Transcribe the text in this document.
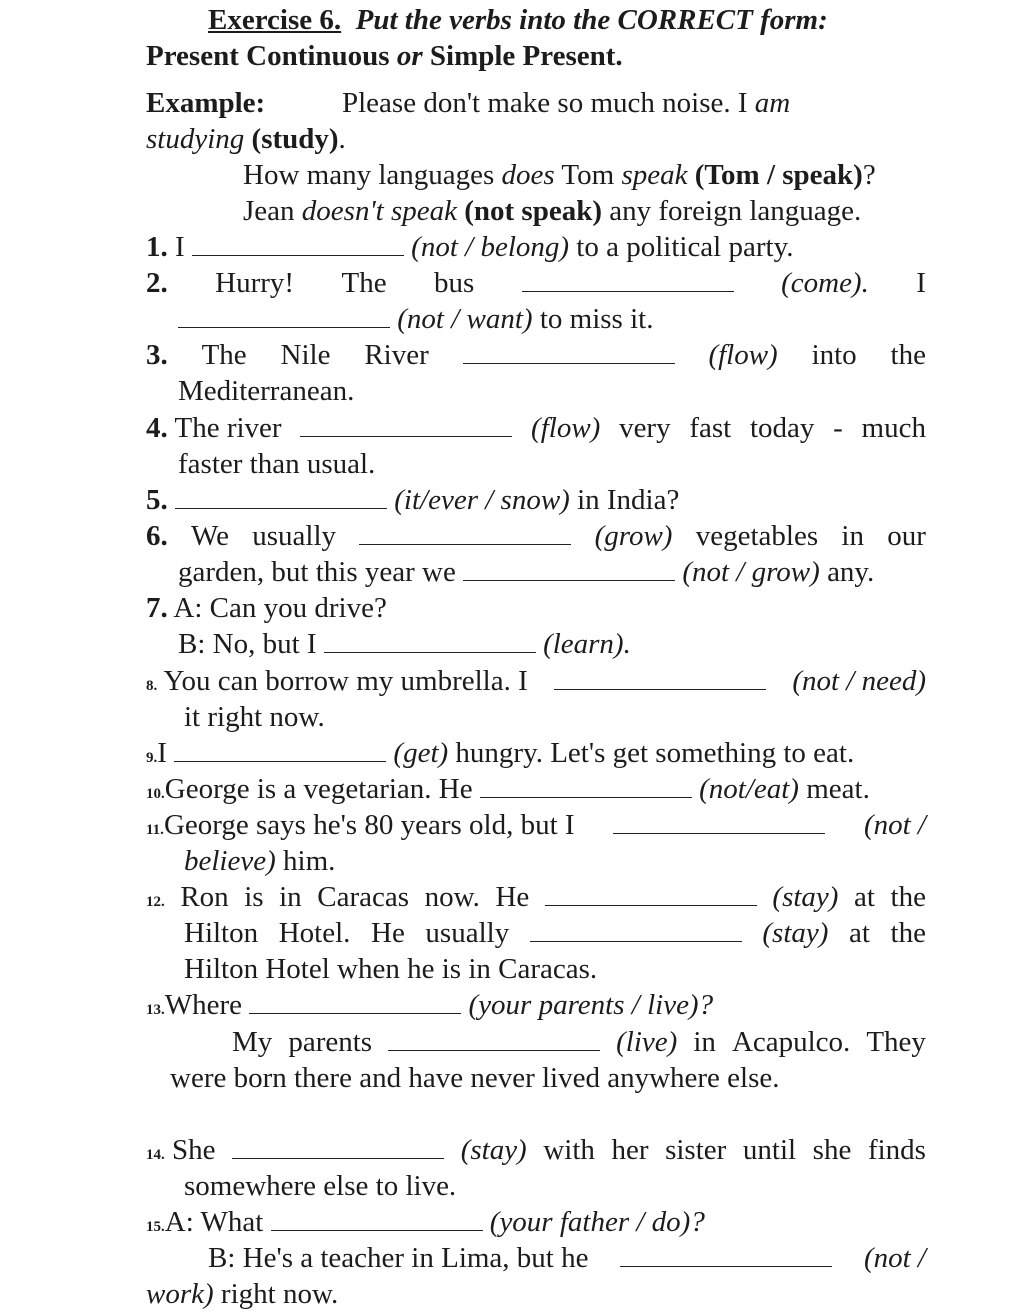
Exercise 6. Put the verbs into the CORRECT form:
Present Continuous or Simple Present.
Example:	Please don't make so much noise. I am
studying (study).
How many languages does Tom speak (Tom / speak)?
Jean doesn't speak (not speak) any foreign language.
1. I	(not / belong) to a political party.
2. Hurry! The bus	(come). I
(not / want) to miss it.
3. The Nile River	(flow) into the
Mediterranean.
4. The river	(flow) very fast today - much
faster than usual.
5.	(it/ever / snow) in India?
6. We usually	(grow) vegetables in our
garden, but this year we	(not / grow) any.
7. A: Can you drive?
B: No, but I	(learn).
8. You can borrow my umbrella. I	(not / need)
it right now.
9.I	(get) hungry. Let's get something to eat.
10.George is a vegetarian. He	(not/eat) meat.
11.George says he's 80 years old, but I	(not /
believe) him.
12. Ron is in Caracas now. He	(stay) at the
Hilton Hotel. He usually	(stay) at the
Hilton Hotel when he is in Caracas.
13.Where	(your parents / live)?
My parents	(live) in Acapulco. They
were born there and have never lived anywhere else.
14. She	(stay) with her sister until she finds
somewhere else to live.
15.A: What	(your father / do)?
B: He's a teacher in Lima, but he	(not /
work) right now.
